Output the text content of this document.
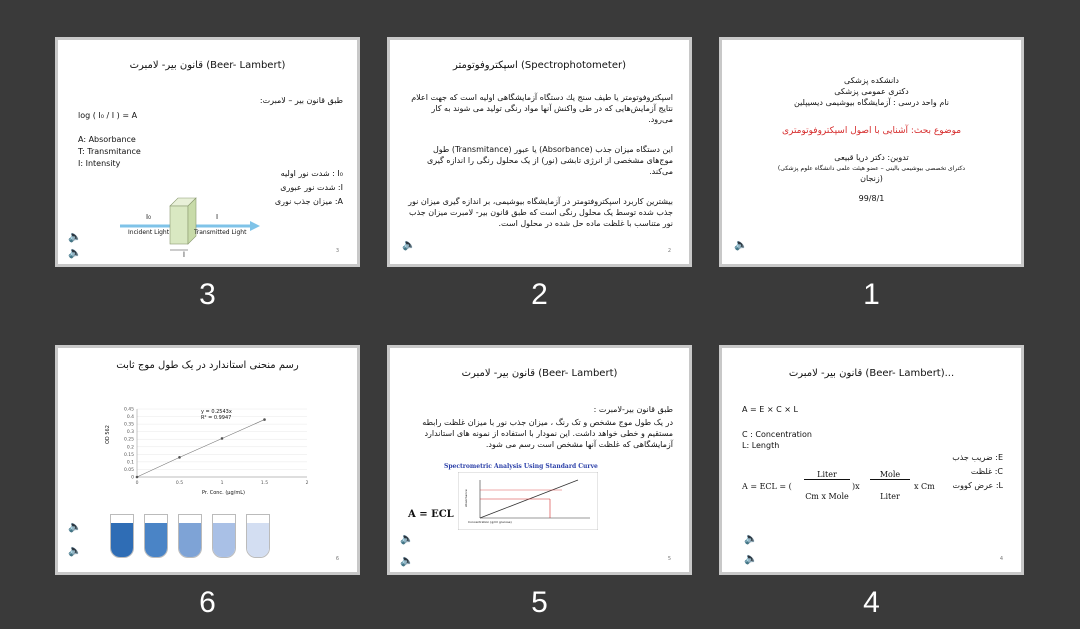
قانون بیر- لامبرت (Beer- Lambert)
طبق قانون بیر – لامبرت:
log ( I₀ / I ) = A
A: Absorbance
T: Transmitance
I: Intensity
I₀ : شدت نور اولیه
I: شدت نور عبوری
A: میزان جذب نوری
I₀	I
l
Incident Light	Transmitted Light
🔈
🔈	3
3
اسپکتروفوتومتر (Spectrophotometer)
اسپکتروفوتومتر یا طیف سنج یك دستگاه آزمایشگاهی اولیه است که جهت اعلام نتایج آزمایش‌هایی که در طی واکنش آنها مواد رنگی تولید می شوند به کار می‌رود.
این دستگاه میزان جذب (Absorbance) یا عبور (Transmitance) طول موج‌های مشخصی از انرژی تابشی (نور) از یک محلول رنگی را اندازه گیری می‌کند.
بیشترین کاربرد اسپکتروفتومتر در آزمایشگاه بیوشیمی، بر اندازه گیری میزان نور جذب شده توسط یک محلول رنگی است که طبق قانون بیر- لامبرت میزان جذب نور متناسب با غلظت ماده حل شده در محلول است.
🔈	2
2
دانشکده پزشکی
دکتری عمومی پزشکی
نام واحد درسی : آزمایشگاه بیوشیمی دیسیپلین
موضوع بحث: آشنایی با اصول اسپکتروفوتومتری
تدوین: دکتر دریا قبیعی
(دکترای تخصصی بیوشیمی بالینی – عضو هیئت علمی دانشگاه علوم پزشکی
زنجان)
99/8/1
🔈
1
رسم منحنی استاندارد در یک طول موج ثابت
0
0.05
0.1
0.15
0.2
0.25
0.3
0.35
0.4
0.45
0	0.5	1	1.5	2
y = 0.2543x
R² = 0.9947
Pr. Conc. (µg/mL)
OD 562
🔈
🔈
6
6
قانون بیر- لامبرت (Beer- Lambert)
طبق قانون بیر-لامبرت :
در یک طول موج مشخص و تک رنگ ، میزان جذب نور با میزان غلظت رابطه مستقیم و خطی خواهد داشت. این نمودار با استفاده از نمونه های استاندارد آزمایشگاهی که غلظت آنها مشخص است رسم می شود.
Spectrometric Analysis Using Standard Curve
Concentration (g/ml glucose)
Absorbance
A = ECL
🔈
🔈	5
5
قانون بیر- لامبرت (Beer- Lambert)...
A = E × C × L
C : Concentration
L: Length
E: ضریب جذب
C: غلظت
L: عرض کووت
A = ECL = (
Liter
Cm x Mole
)x
Mole
Liter
x Cm
🔈
🔈	4
4
